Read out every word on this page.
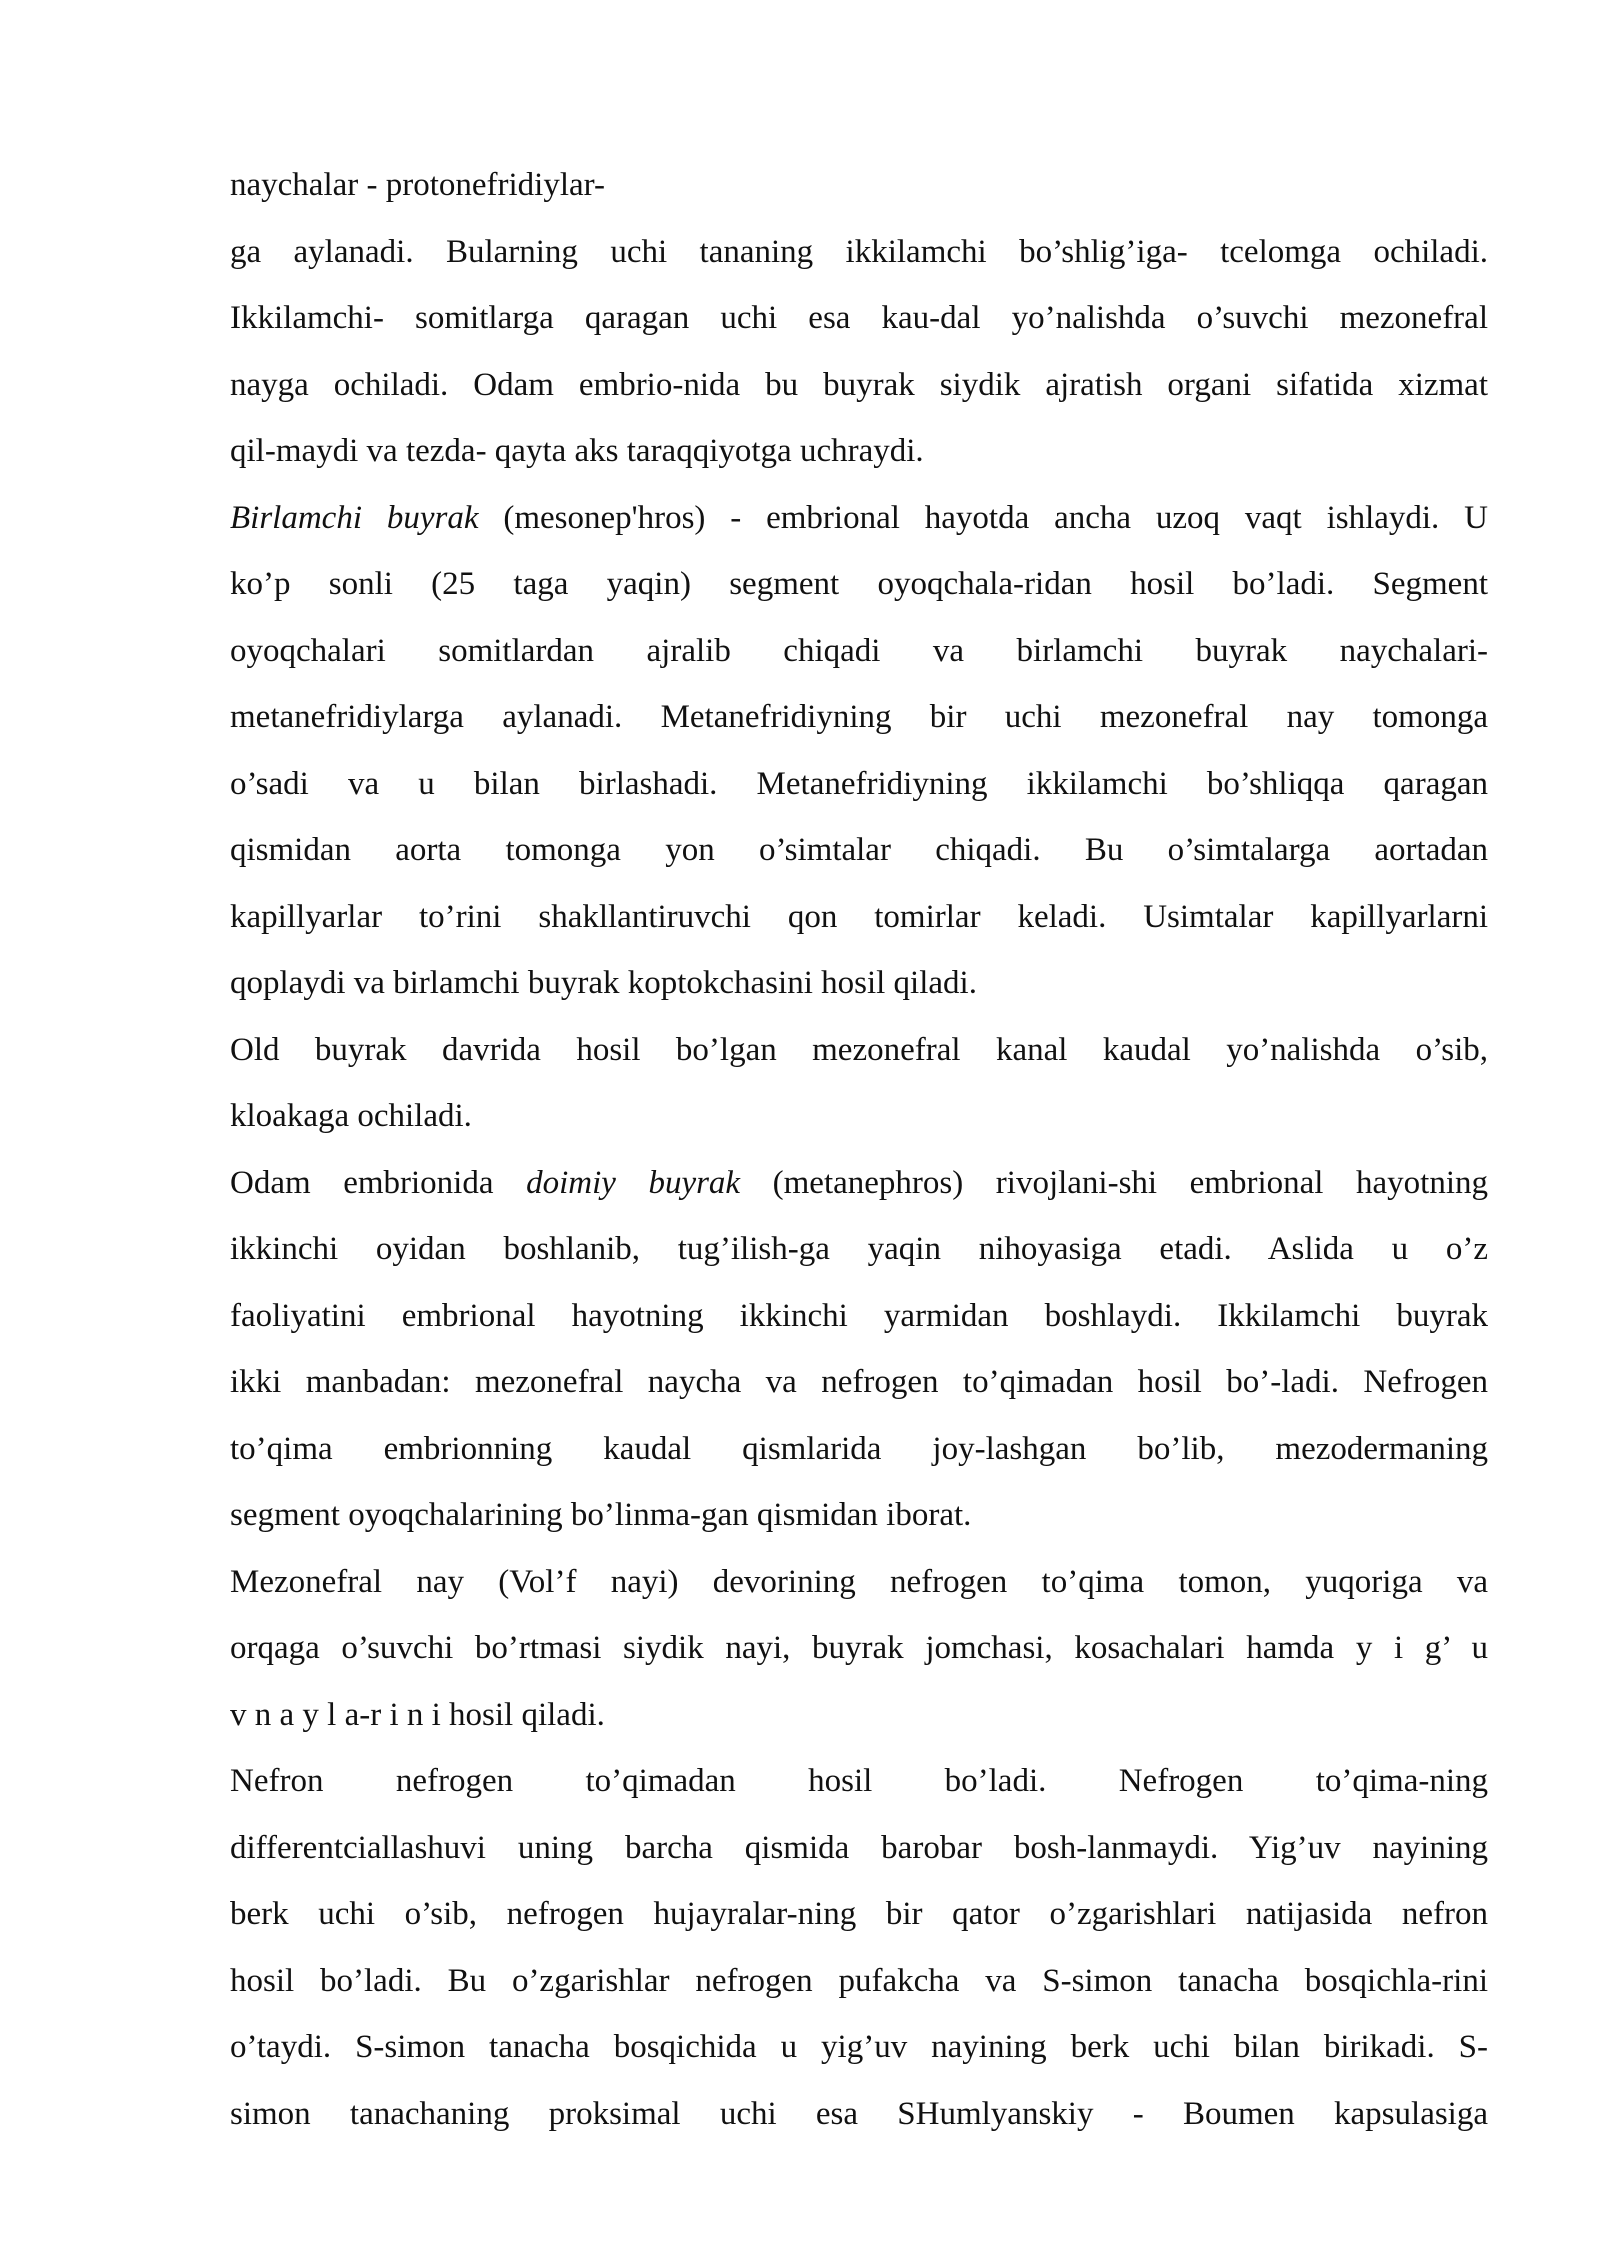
naychalar - protonefridiylar-
ga aylanadi. Bularning uchi tananing ikkilamchi bo’shlig’iga- tcelomga ochiladi.
Ikkilamchi- somitlarga qaragan uchi esa kau-dal yo’nalishda o’suvchi mezonefral
nayga ochiladi. Odam embrio-nida bu buyrak siydik ajratish organi sifatida xizmat
qil-maydi va tezda- qayta aks taraqqiyotga uchraydi.
Birlamchi buyrak (mesonep'hros) - embrional hayotda ancha uzoq vaqt ishlaydi. U
ko’p sonli (25 taga yaqin) segment oyoqchala-ridan hosil bo’ladi. Segment
oyoqchalari somitlardan ajralib chiqadi va birlamchi buyrak naychalari-
metanefridiylarga aylanadi. Metanefridiyning bir uchi mezonefral nay tomonga
o’sadi va u bilan birlashadi. Metanefridiyning ikkilamchi bo’shliqqa qaragan
qismidan aorta tomonga yon o’simtalar chiqadi. Bu o’simtalarga aortadan
kapillyarlar to’rini shakllantiruvchi qon tomirlar keladi. Usimtalar kapillyarlarni
qoplaydi va birlamchi buyrak koptokchasini hosil qiladi.
Old buyrak davrida hosil bo’lgan mezonefral kanal kaudal yo’nalishda o’sib,
kloakaga ochiladi.
Odam embrionida doimiy buyrak (metanephros) rivojlani-shi embrional hayotning
ikkinchi oyidan boshlanib, tug’ilish-ga yaqin nihoyasiga etadi. Aslida u o’z
faoliyatini embrional hayotning ikkinchi yarmidan boshlaydi. Ikkilamchi buyrak
ikki manbadan: mezonefral naycha va nefrogen to’qimadan hosil bo’-ladi. Nefrogen
to’qima embrionning kaudal qismlarida joy-lashgan bo’lib, mezodermaning
segment oyoqchalarining bo’linma-gan qismidan iborat.
Mezonefral nay (Vol’f nayi) devorining nefrogen to’qima tomon, yuqoriga va
orqaga o’suvchi bo’rtmasi siydik nayi, buyrak jomchasi, kosachalari hamda y i g’ u
v n a y l a-r i n i hosil qiladi.
Nefron nefrogen to’qimadan hosil bo’ladi. Nefrogen to’qima-ning
differentciallashuvi uning barcha qismida barobar bosh-lanmaydi. Yig’uv nayining
berk uchi o’sib, nefrogen hujayralar-ning bir qator o’zgarishlari natijasida nefron
hosil bo’ladi. Bu o’zgarishlar nefrogen pufakcha va S-simon tanacha bosqichla-rini
o’taydi. S-simon tanacha bosqichida u yig’uv nayining berk uchi bilan birikadi. S-
simon tanachaning proksimal uchi esa SHumlyanskiy - Boumen kapsulasiga
